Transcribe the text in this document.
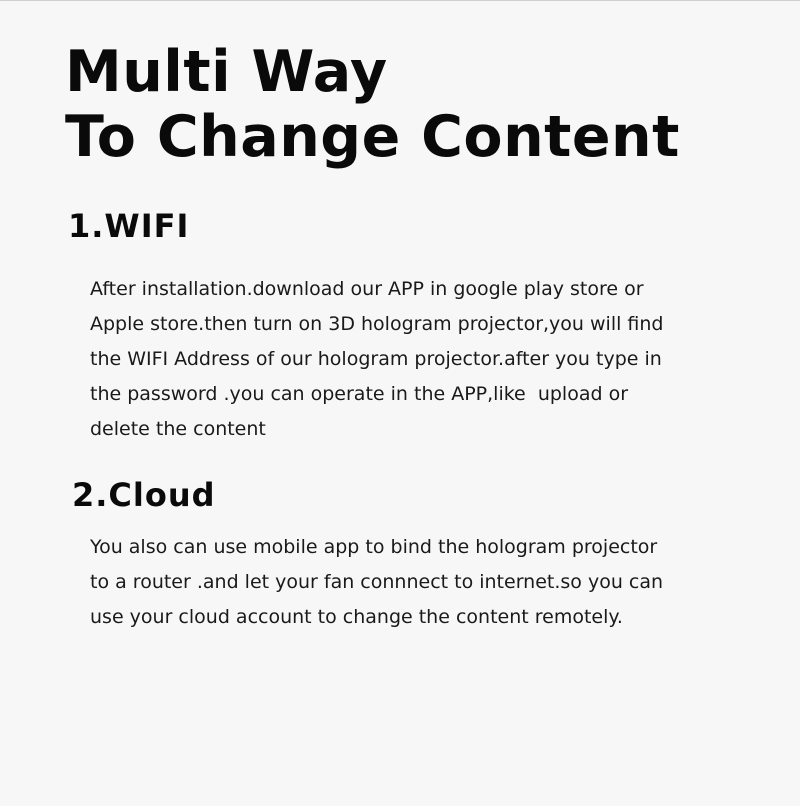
Multi Way
To Change Content
1.WIFI

After installation.download our APP in google play store or
Apple store.then turn on 3D hologram projector,you will find
the WIFI Address of our hologram projector.after you type in
the password .you can operate in the APP,like  upload or
delete the content

2.Cloud

You also can use mobile app to bind the hologram projector
to a router .and let your fan connnect to internet.so you can
use your cloud account to change the content remotely.
